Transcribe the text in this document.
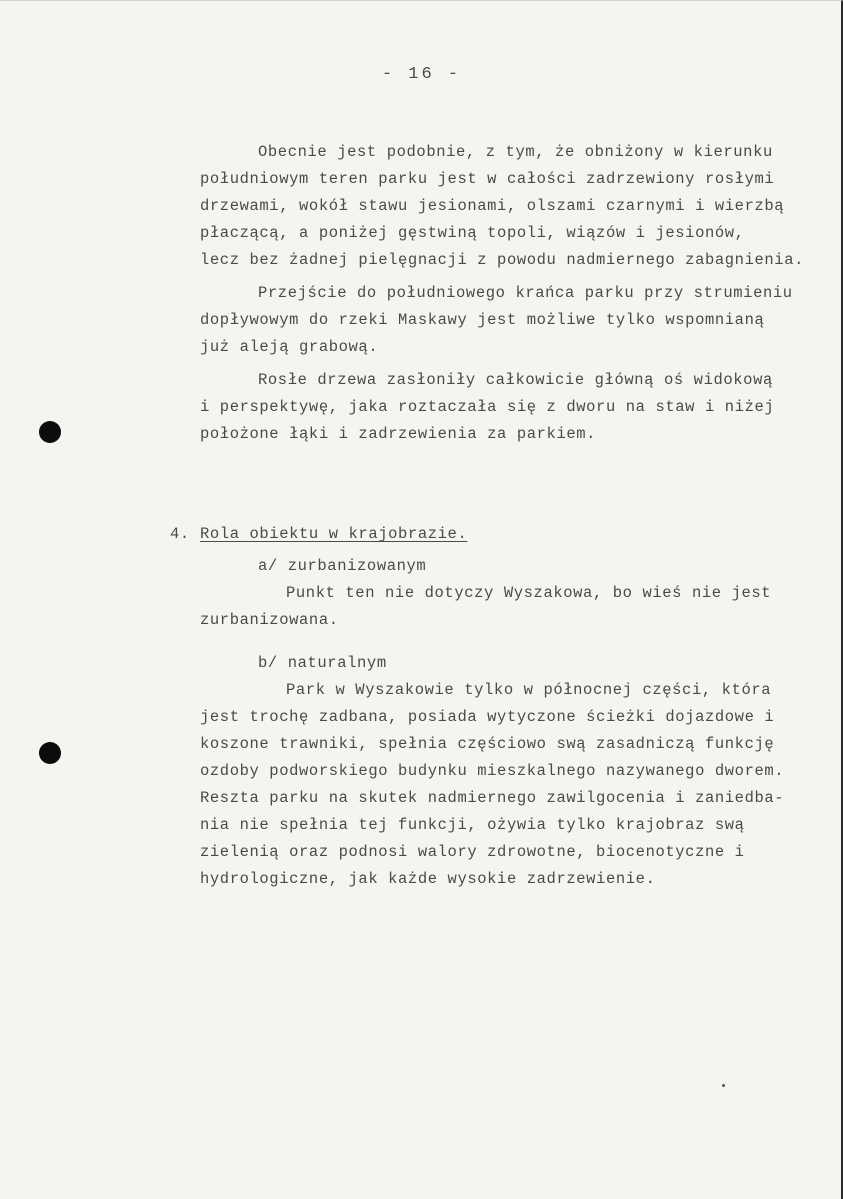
- 16 -
Obecnie jest podobnie, z tym, że obniżony w kierunku
południowym teren parku jest w całości zadrzewiony rosłymi
drzewami, wokół stawu jesionami, olszami czarnymi i wierzbą
płaczącą, a poniżej gęstwiną topoli, wiązów i jesionów,
lecz bez żadnej pielęgnacji z powodu nadmiernego zabagnienia.
Przejście do południowego krańca parku przy strumieniu
dopływowym do rzeki Maskawy jest możliwe tylko wspomnianą
już aleją grabową.
Rosłe drzewa zasłoniły całkowicie główną oś widokową
i perspektywę, jaka roztaczała się z dworu na staw i niżej
położone łąki i zadrzewienia za parkiem.
4. Rola obiektu w krajobrazie.
a/ zurbanizowanym
Punkt ten nie dotyczy Wyszakowa, bo wieś nie jest
zurbanizowana.
b/ naturalnym
Park w Wyszakowie tylko w północnej części, która
jest trochę zadbana, posiada wytyczone ścieżki dojazdowe i
koszone trawniki, spełnia częściowo swą zasadniczą funkcję
ozdoby podworskiego budynku mieszkalnego nazywanego dworem.
Reszta parku na skutek nadmiernego zawilgocenia i zaniedba-
nia nie spełnia tej funkcji, ożywia tylko krajobraz swą
zielenią oraz podnosi walory zdrowotne, biocenotyczne i
hydrologiczne, jak każde wysokie zadrzewienie.
